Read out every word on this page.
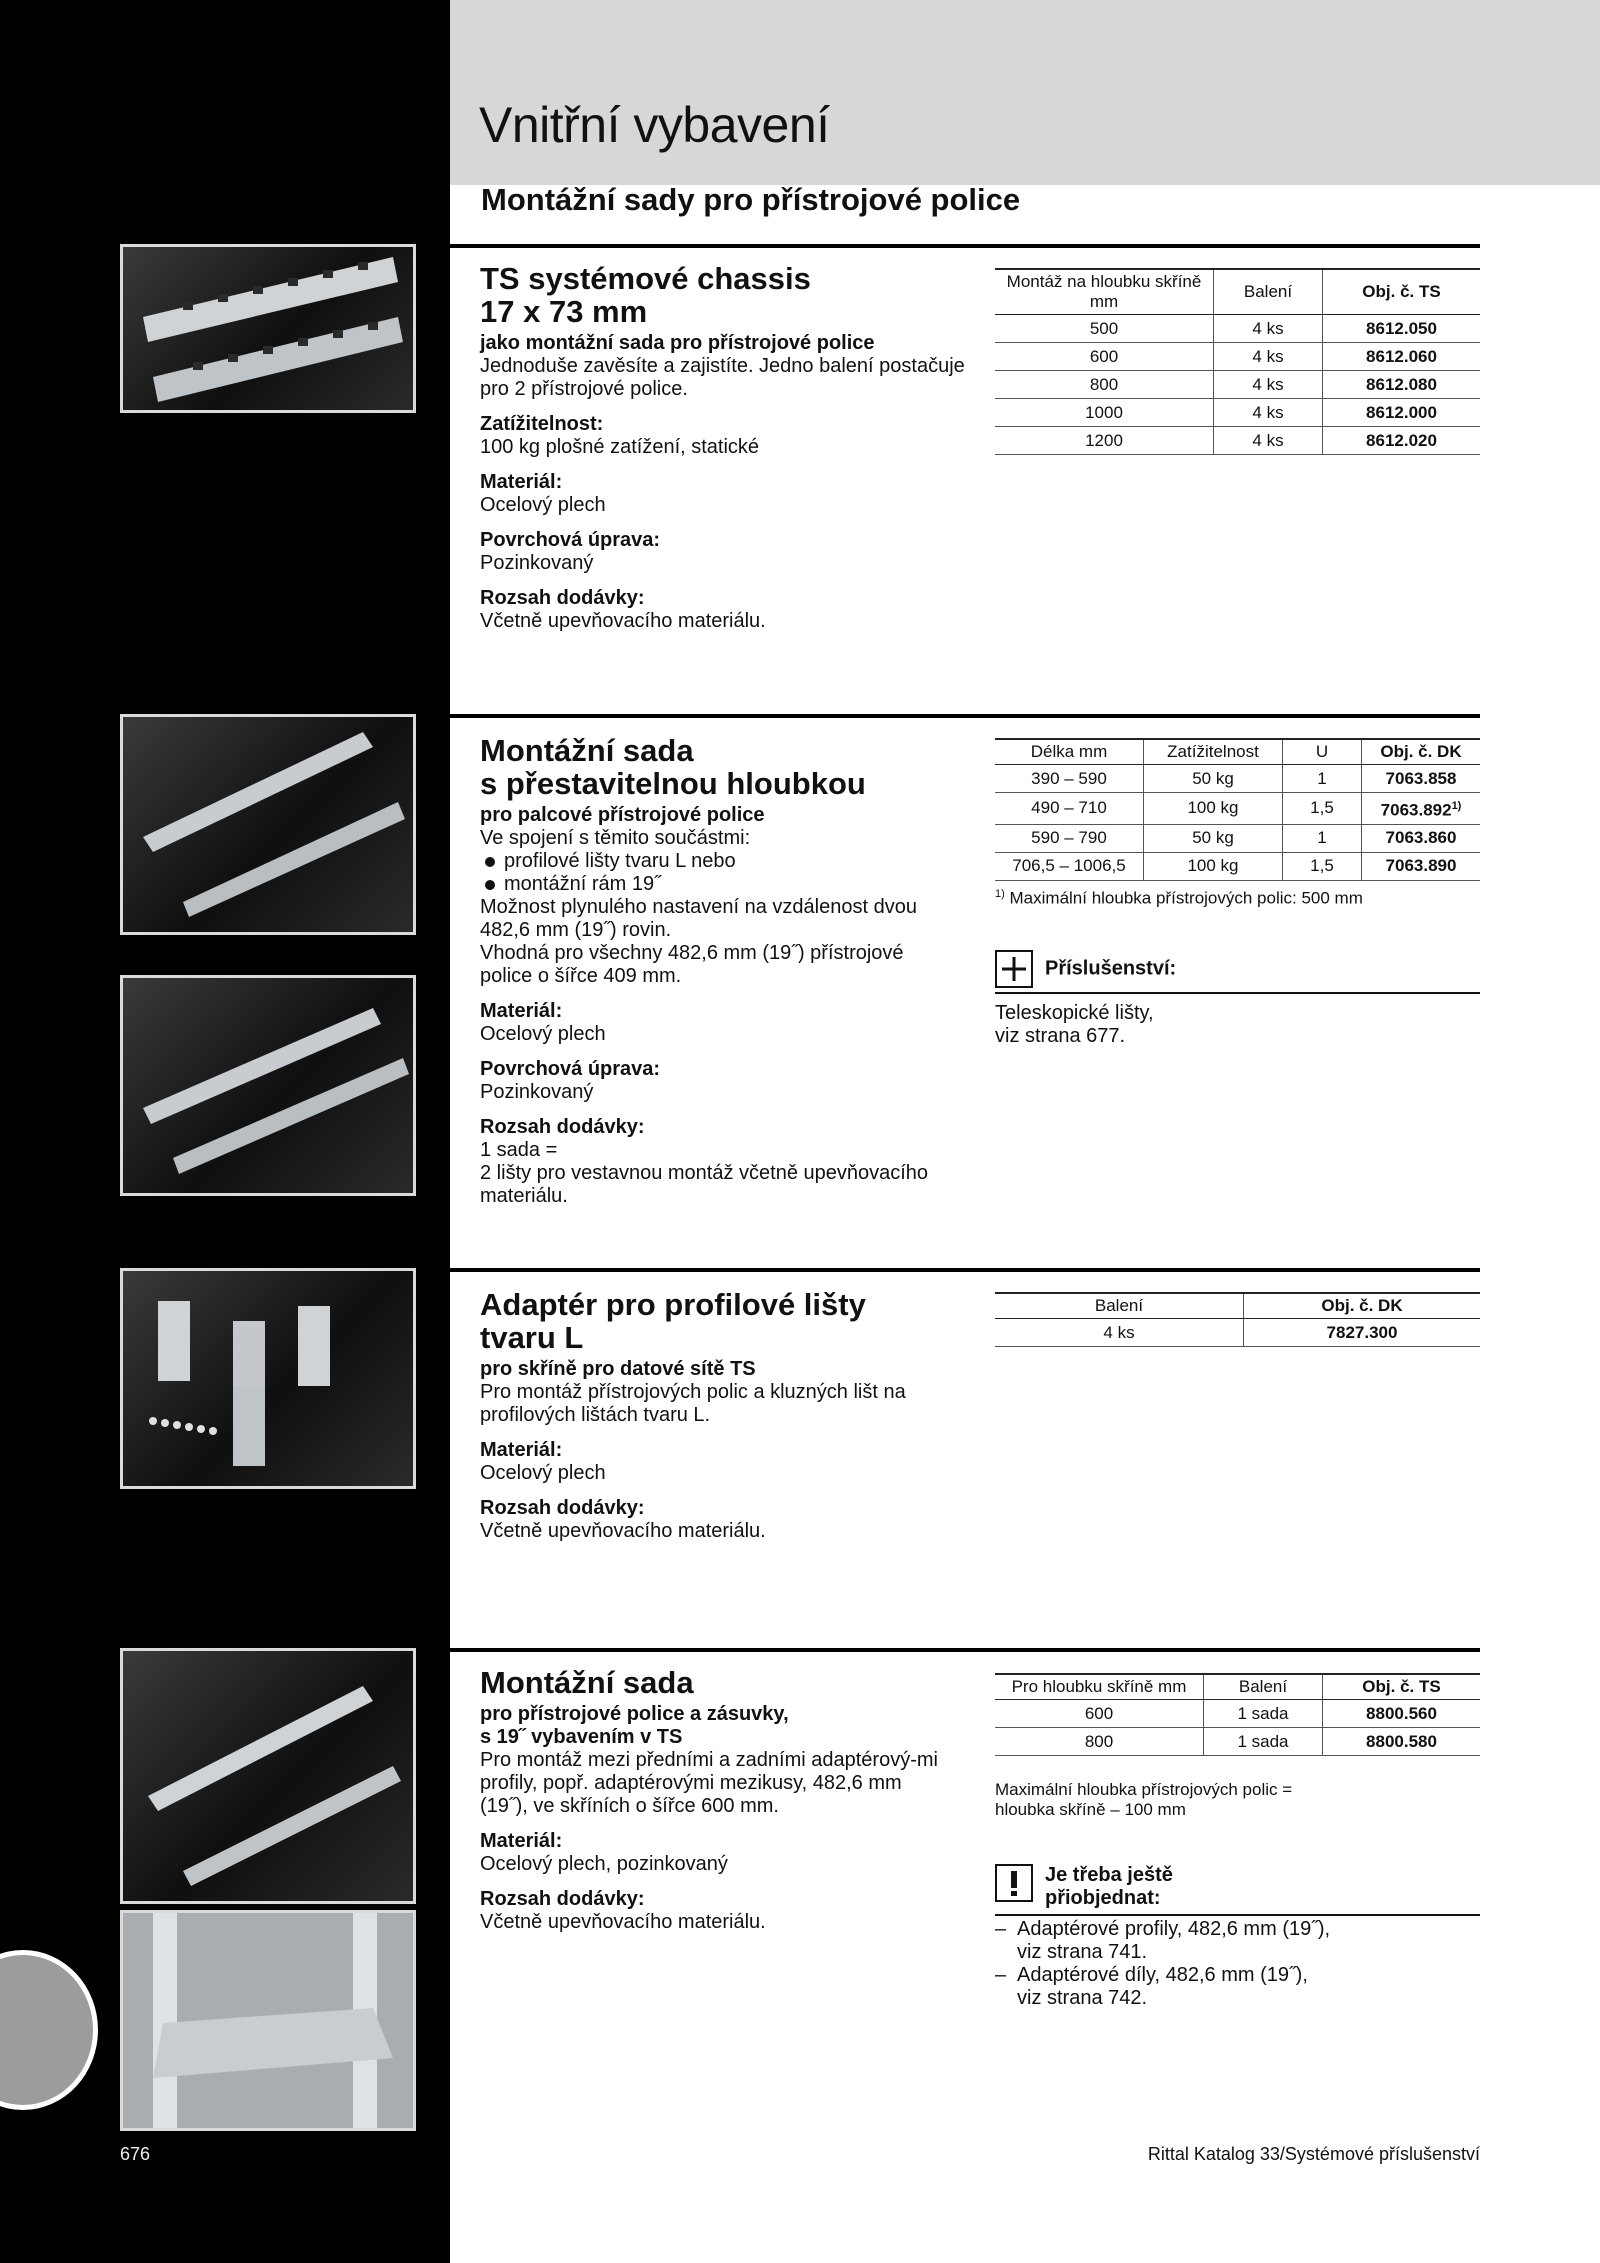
Vnitřní vybavení
Montážní sady pro přístrojové police
TS systémové chassis
17 x 73 mm

jako montážní sada pro přístrojové police

Jednoduše zavěsíte a zajistíte. Jedno balení postačuje pro 2 přístrojové police.

Zatížitelnost:

100 kg plošné zatížení, statické

Materiál:

Ocelový plech

Povrchová úprava:

Pozinkovaný

Rozsah dodávky:

Včetně upevňovacího materiálu.

Montáž na hloubku skříně mm	Balení	Obj. č. TS
500	4 ks	8612.050
600	4 ks	8612.060
800	4 ks	8612.080
1000	4 ks	8612.000
1200	4 ks	8612.020
Montážní sada
s přestavitelnou hloubkou

pro palcové přístrojové police

Ve spojení s těmito součástmi:

profilové lišty tvaru L nebo
montážní rám 19˝

Možnost plynulého nastavení na vzdálenost dvou 482,6 mm (19˝) rovin.

Vhodná pro všechny 482,6 mm (19˝) přístrojové police o šířce 409 mm.

Materiál:

Ocelový plech

Povrchová úprava:

Pozinkovaný

Rozsah dodávky:

1 sada =

2 lišty pro vestavnou montáž včetně upevňovacího materiálu.

Délka mm	Zatížitelnost	U	Obj. č. DK
390 – 590	50 kg	1	7063.858
490 – 710	100 kg	1,5	7063.892$^{1)}$
590 – 790	50 kg	1	7063.860
706,5 – 1006,5	100 kg	1,5	7063.890
$^{1)}$ Maximální hloubka přístrojových polic: 500 mm
Příslušenství:
Teleskopické lišty,
viz strana 677.
Adaptér pro profilové lišty
tvaru L

pro skříně pro datové sítě TS

Pro montáž přístrojových polic a kluzných lišt na profilových lištách tvaru L.

Materiál:

Ocelový plech

Rozsah dodávky:

Včetně upevňovacího materiálu.

Balení	Obj. č. DK
4 ks	7827.300
Montážní sada

pro přístrojové police a zásuvky,

s 19˝ vybavením v TS

Pro montáž mezi předními a zadními adaptérový-mi profily, popř. adaptérovými mezikusy, 482,6 mm (19˝), ve skříních o šířce 600 mm.

Materiál:

Ocelový plech, pozinkovaný

Rozsah dodávky:

Včetně upevňovacího materiálu.

Pro hloubku skříně mm	Balení	Obj. č. TS
600	1 sada	8800.560
800	1 sada	8800.580
Maximální hloubka přístrojových polic = hloubka skříně – 100 mm
Je třeba ještě
přiobjednat:
– Adaptérové profily, 482,6 mm (19˝),
viz strana 741.
– Adaptérové díly, 482,6 mm (19˝),
viz strana 742.
676	Rittal Katalog 33/Systémové příslušenství
